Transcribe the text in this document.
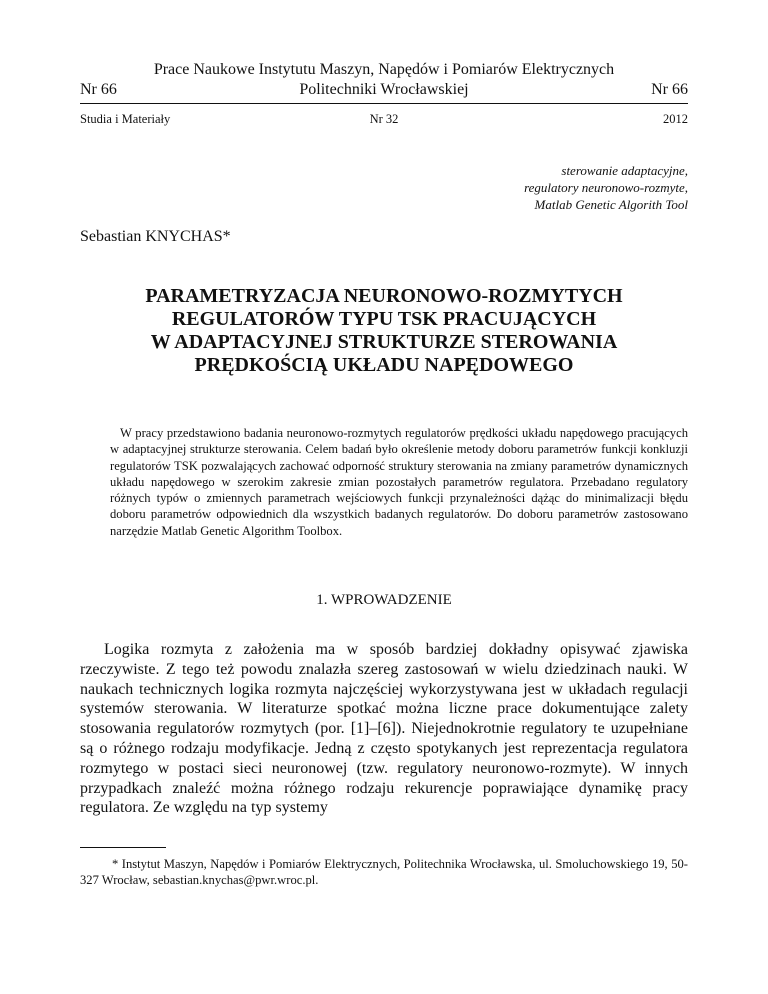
Prace Naukowe Instytutu Maszyn, Napędów i Pomiarów Elektrycznych
Politechniki Wrocławskiej
Nr 66	Nr 66
Studia i Materiały	Nr 32	2012
sterowanie adaptacyjne,
regulatory neuronowo-rozmyte,
Matlab Genetic Algorith Tool
Sebastian KNYCHAS*
PARAMETRYZACJA NEURONOWO-ROZMYTYCH
REGULATORÓW TYPU TSK PRACUJĄCYCH
W ADAPTACYJNEJ STRUKTURZE STEROWANIA
PRĘDKOŚCIĄ UKŁADU NAPĘDOWEGO
W pracy przedstawiono badania neuronowo-rozmytych regulatorów prędkości układu napędowego pracujących w adaptacyjnej strukturze sterowania. Celem badań było określenie metody doboru parametrów funkcji konkluzji regulatorów TSK pozwalających zachować odporność struktury sterowania na zmiany parametrów dynamicznych układu napędowego w szerokim zakresie zmian pozostałych parametrów regulatora. Przebadano regulatory różnych typów o zmiennych parametrach wejściowych funkcji przynależności dążąc do minimalizacji błędu doboru parametrów odpowiednich dla wszystkich badanych regulatorów. Do doboru parametrów zastosowano narzędzie Matlab Genetic Algorithm Toolbox.
1. WPROWADZENIE
Logika rozmyta z założenia ma w sposób bardziej dokładny opisywać zjawiska rzeczywiste. Z tego też powodu znalazła szereg zastosowań w wielu dziedzinach nauki. W naukach technicznych logika rozmyta najczęściej wykorzystywana jest w układach regulacji systemów sterowania. W literaturze spotkać można liczne prace dokumentujące zalety stosowania regulatorów rozmytych (por. [1]–[6]). Niejednokrotnie regulatory te uzupełniane są o różnego rodzaju modyfikacje. Jedną z często spotykanych jest reprezentacja regulatora rozmytego w postaci sieci neuronowej (tzw. regulatory neuronowo-rozmyte). W innych przypadkach znaleźć można różnego rodzaju rekurencje poprawiające dynamikę pracy regulatora. Ze względu na typ systemy
* Instytut Maszyn, Napędów i Pomiarów Elektrycznych, Politechnika Wrocławska, ul. Smoluchowskiego 19, 50-327 Wrocław, sebastian.knychas@pwr.wroc.pl.
